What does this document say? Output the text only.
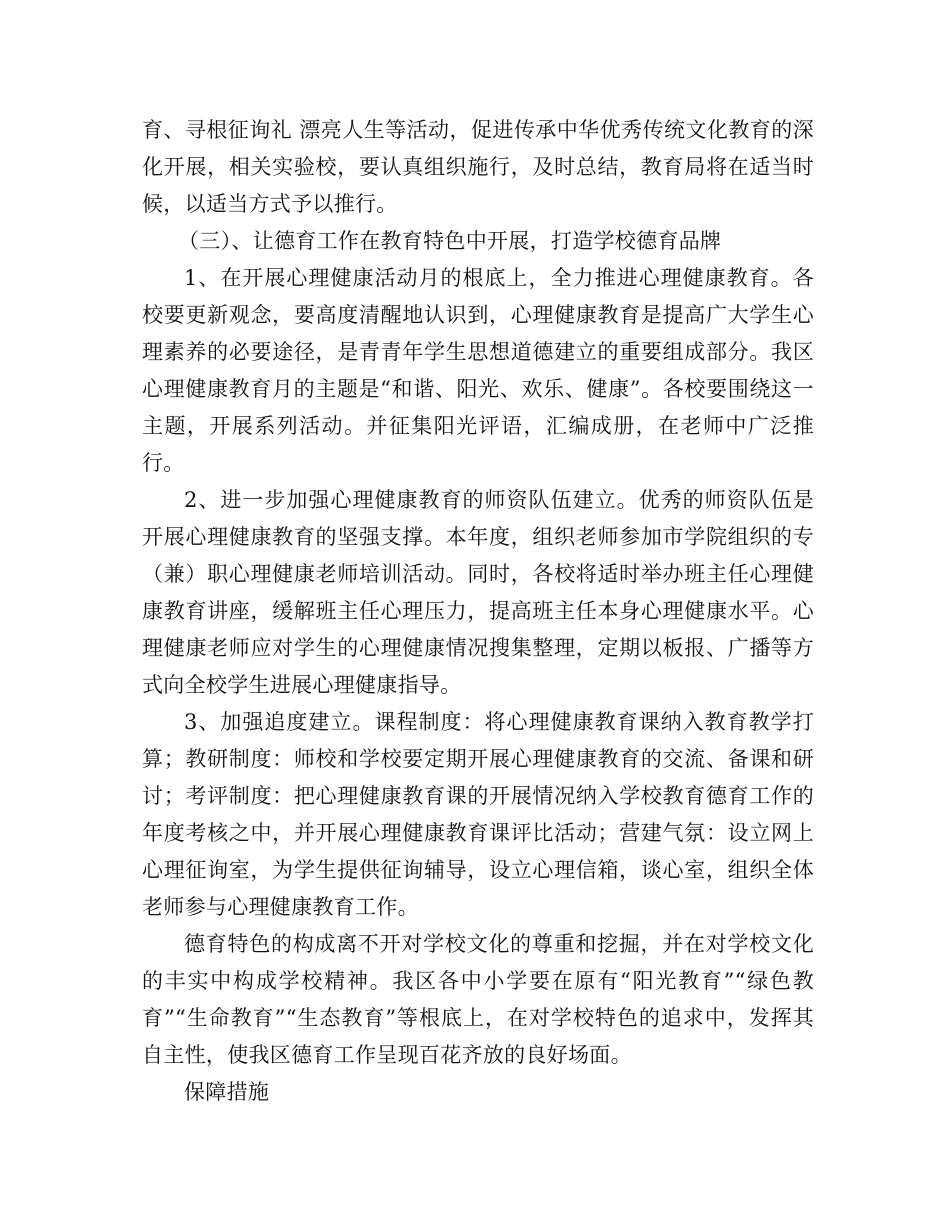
育、寻根征询礼 漂亮人生等活动，促进传承中华优秀传统文化教育的深化开展，相关实验校，要认真组织施行，及时总结，教育局将在适当时候，以适当方式予以推行。

（三）、让德育工作在教育特色中开展，打造学校德育品牌

1、在开展心理健康活动月的根底上，全力推进心理健康教育。各校要更新观念，要高度清醒地认识到，心理健康教育是提高广大学生心理素养的必要途径，是青青年学生思想道德建立的重要组成部分。我区心理健康教育月的主题是“和谐、阳光、欢乐、健康”。各校要围绕这一主题，开展系列活动。并征集阳光评语，汇编成册，在老师中广泛推行。

2、进一步加强心理健康教育的师资队伍建立。优秀的师资队伍是开展心理健康教育的坚强支撑。本年度，组织老师参加市学院组织的专（兼）职心理健康老师培训活动。同时，各校将适时举办班主任心理健康教育讲座，缓解班主任心理压力，提高班主任本身心理健康水平。心理健康老师应对学生的心理健康情况搜集整理，定期以板报、广播等方式向全校学生进展心理健康指导。

3、加强追度建立。课程制度：将心理健康教育课纳入教育教学打算；教研制度：师校和学校要定期开展心理健康教育的交流、备课和研讨；考评制度：把心理健康教育课的开展情况纳入学校教育德育工作的年度考核之中，并开展心理健康教育课评比活动；营建气氛：设立网上心理征询室，为学生提供征询辅导，设立心理信箱，谈心室，组织全体老师参与心理健康教育工作。

德育特色的构成离不开对学校文化的尊重和挖掘，并在对学校文化的丰实中构成学校精神。我区各中小学要在原有“阳光教育”“绿色教育”“生命教育”“生态教育”等根底上，在对学校特色的追求中，发挥其自主性，使我区德育工作呈现百花齐放的良好场面。

保障措施
